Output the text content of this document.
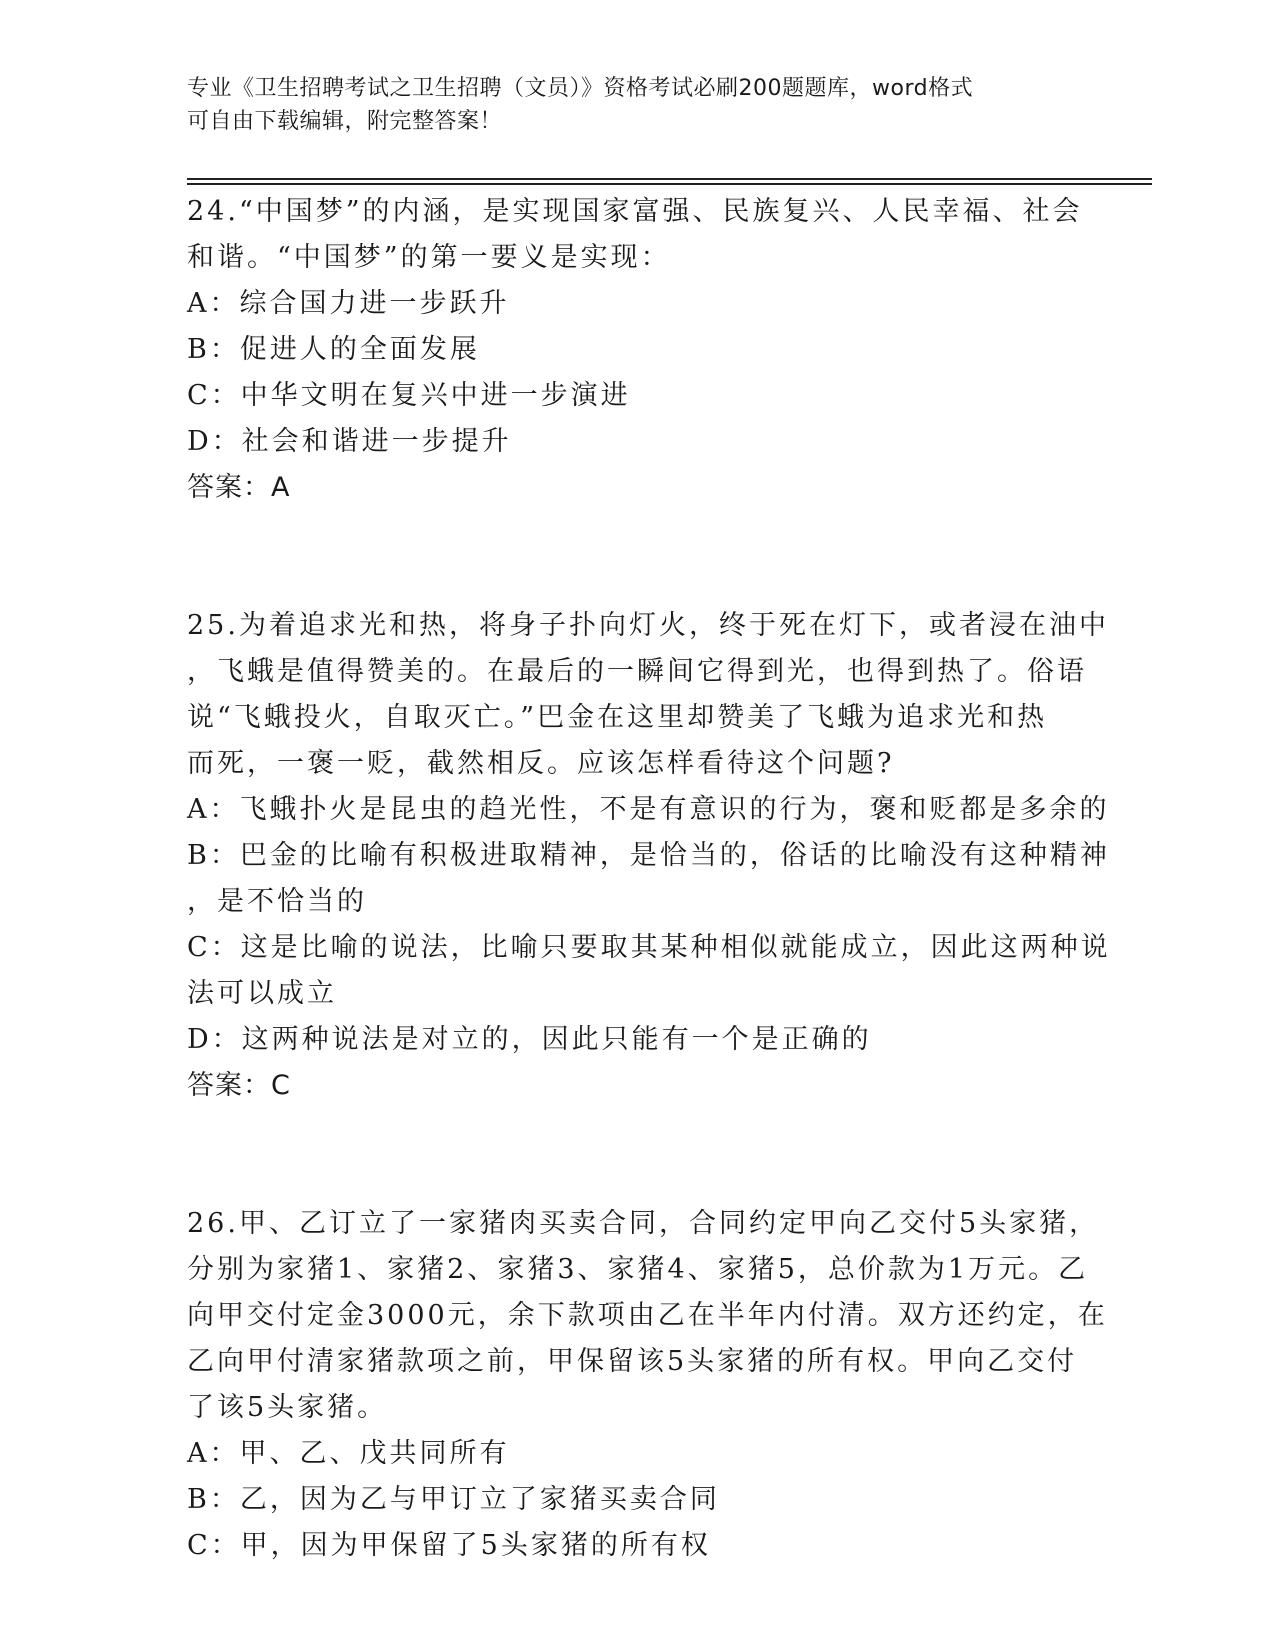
专业《卫生招聘考试之卫生招聘（文员）》资格考试必刷200题题库，word格式
可自由下载编辑，附完整答案！
24.“中国梦”的内涵，是实现国家富强、民族复兴、人民幸福、社会
和谐。“中国梦”的第一要义是实现：
A：综合国力进一步跃升
B：促进人的全面发展
C：中华文明在复兴中进一步演进
D：社会和谐进一步提升
答案：A
25.为着追求光和热，将身子扑向灯火，终于死在灯下，或者浸在油中
，飞蛾是值得赞美的。在最后的一瞬间它得到光，也得到热了。俗语
说“飞蛾投火，自取灭亡。”巴金在这里却赞美了飞蛾为追求光和热
而死，一褒一贬，截然相反。应该怎样看待这个问题?
A：飞蛾扑火是昆虫的趋光性，不是有意识的行为，褒和贬都是多余的
B：巴金的比喻有积极进取精神，是恰当的，俗话的比喻没有这种精神
，是不恰当的
C：这是比喻的说法，比喻只要取其某种相似就能成立，因此这两种说
法可以成立
D：这两种说法是对立的，因此只能有一个是正确的
答案：C
26.甲、乙订立了一家猪肉买卖合同，合同约定甲向乙交付5头家猪，
分别为家猪1、家猪2、家猪3、家猪4、家猪5，总价款为1万元。乙
向甲交付定金3000元，余下款项由乙在半年内付清。双方还约定，在
乙向甲付清家猪款项之前，甲保留该5头家猪的所有权。甲向乙交付
了该5头家猪。
A：甲、乙、戊共同所有
B：乙，因为乙与甲订立了家猪买卖合同
C：甲，因为甲保留了5头家猪的所有权
